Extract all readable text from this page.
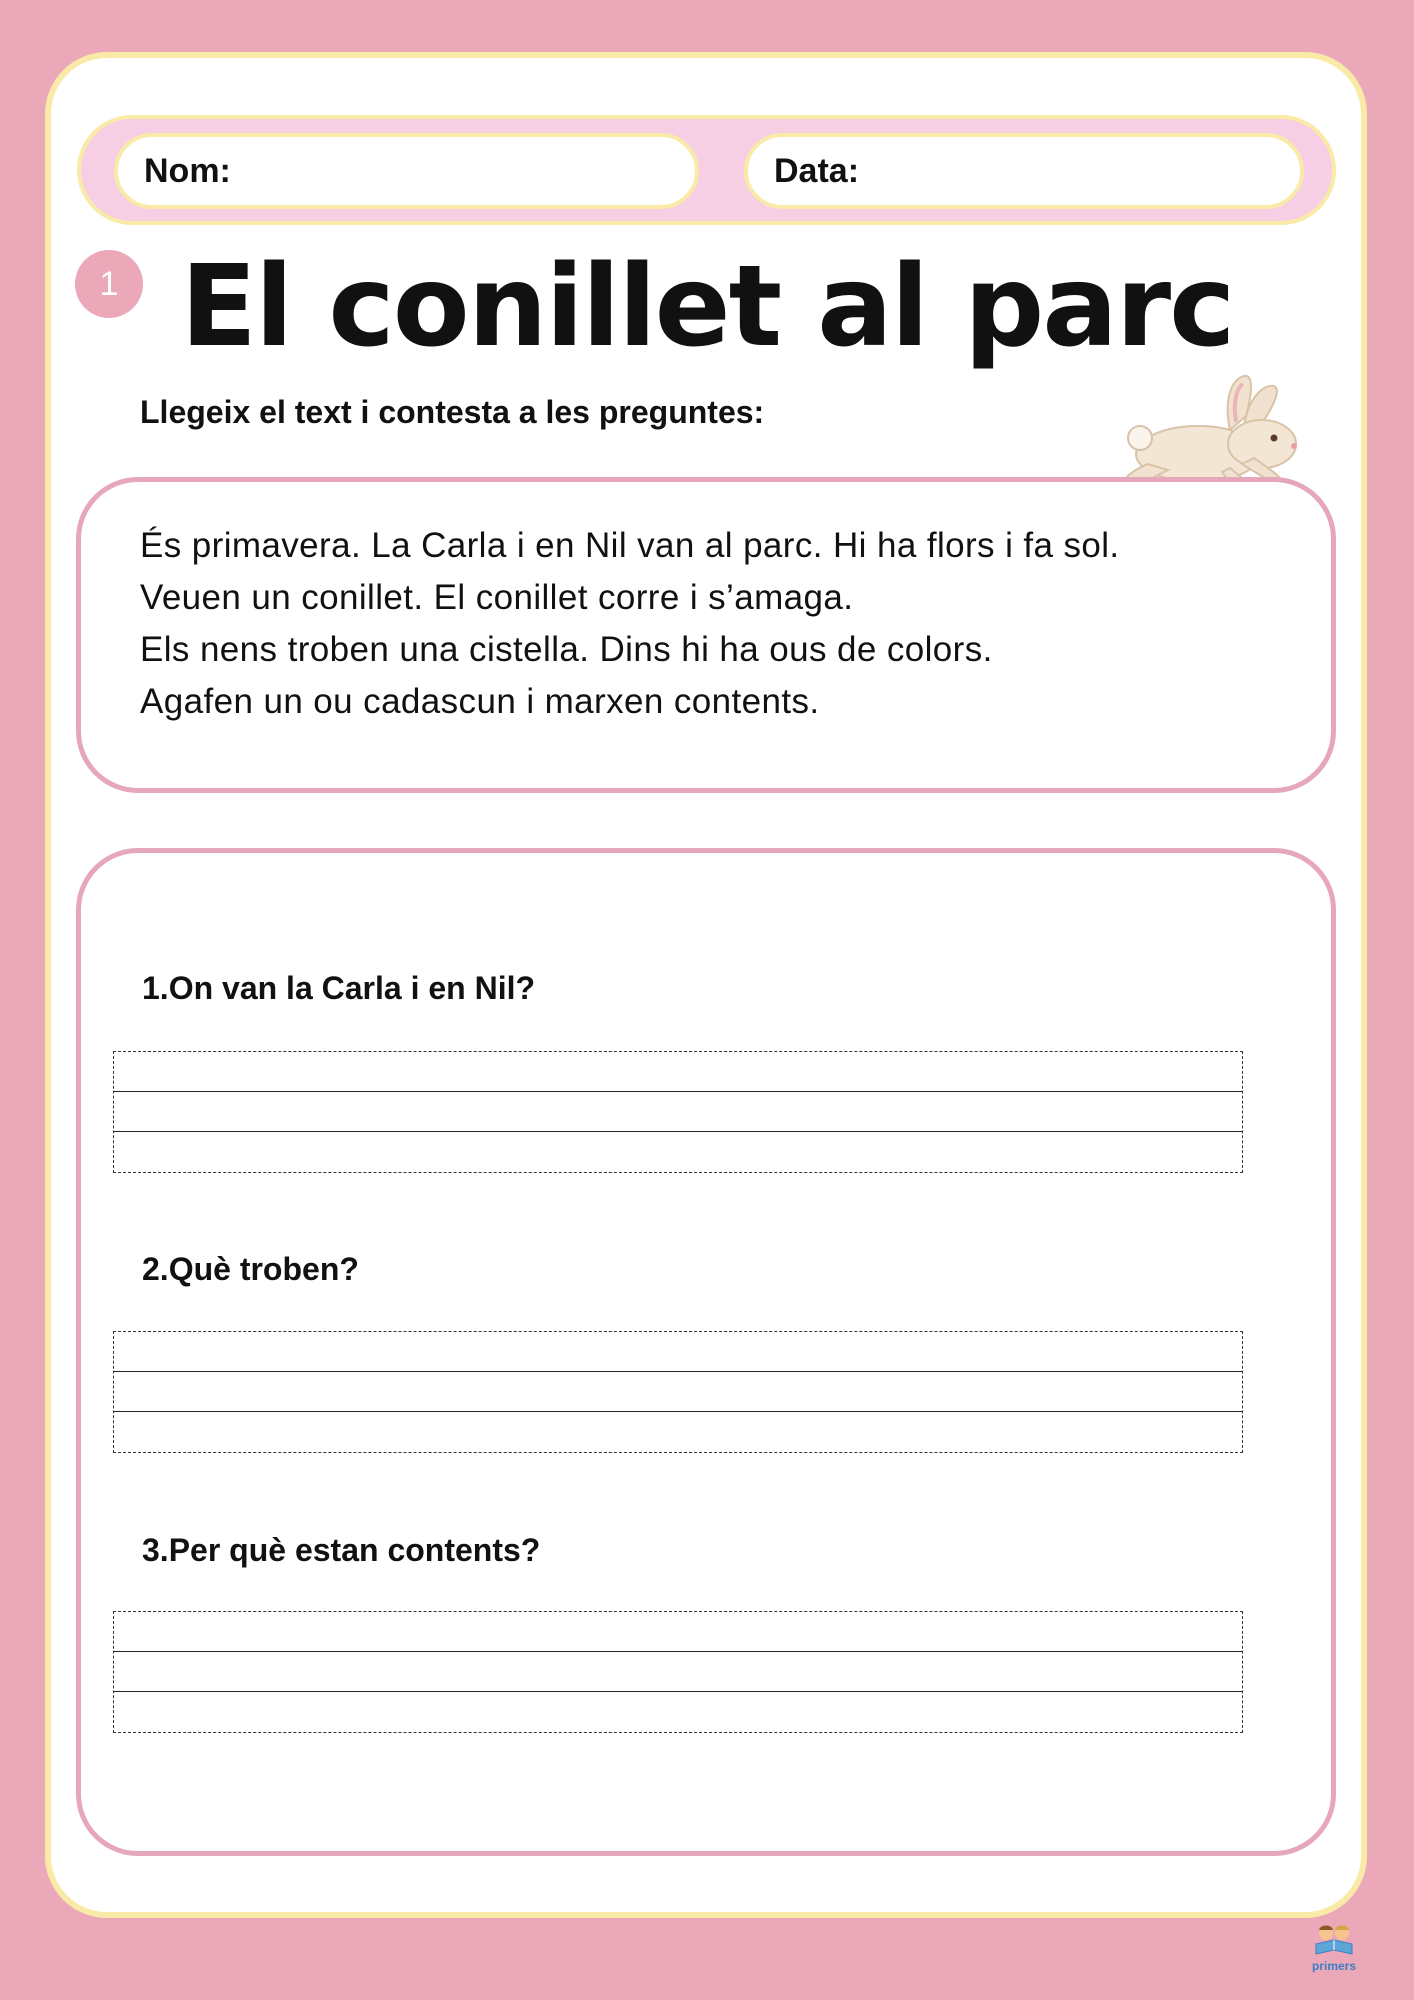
Nom:	Data:
1 El conillet al parc
Llegeix el text i contesta a les preguntes:
És primavera. La Carla i en Nil van al parc. Hi ha flors i fa sol.
Veuen un conillet. El conillet corre i s’amaga.
Els nens troben una cistella. Dins hi ha ous de colors.
Agafen un ou cadascun i marxen contents.
1.On van la Carla i en Nil?
2.Què troben?
3.Per què estan contents?
primers
